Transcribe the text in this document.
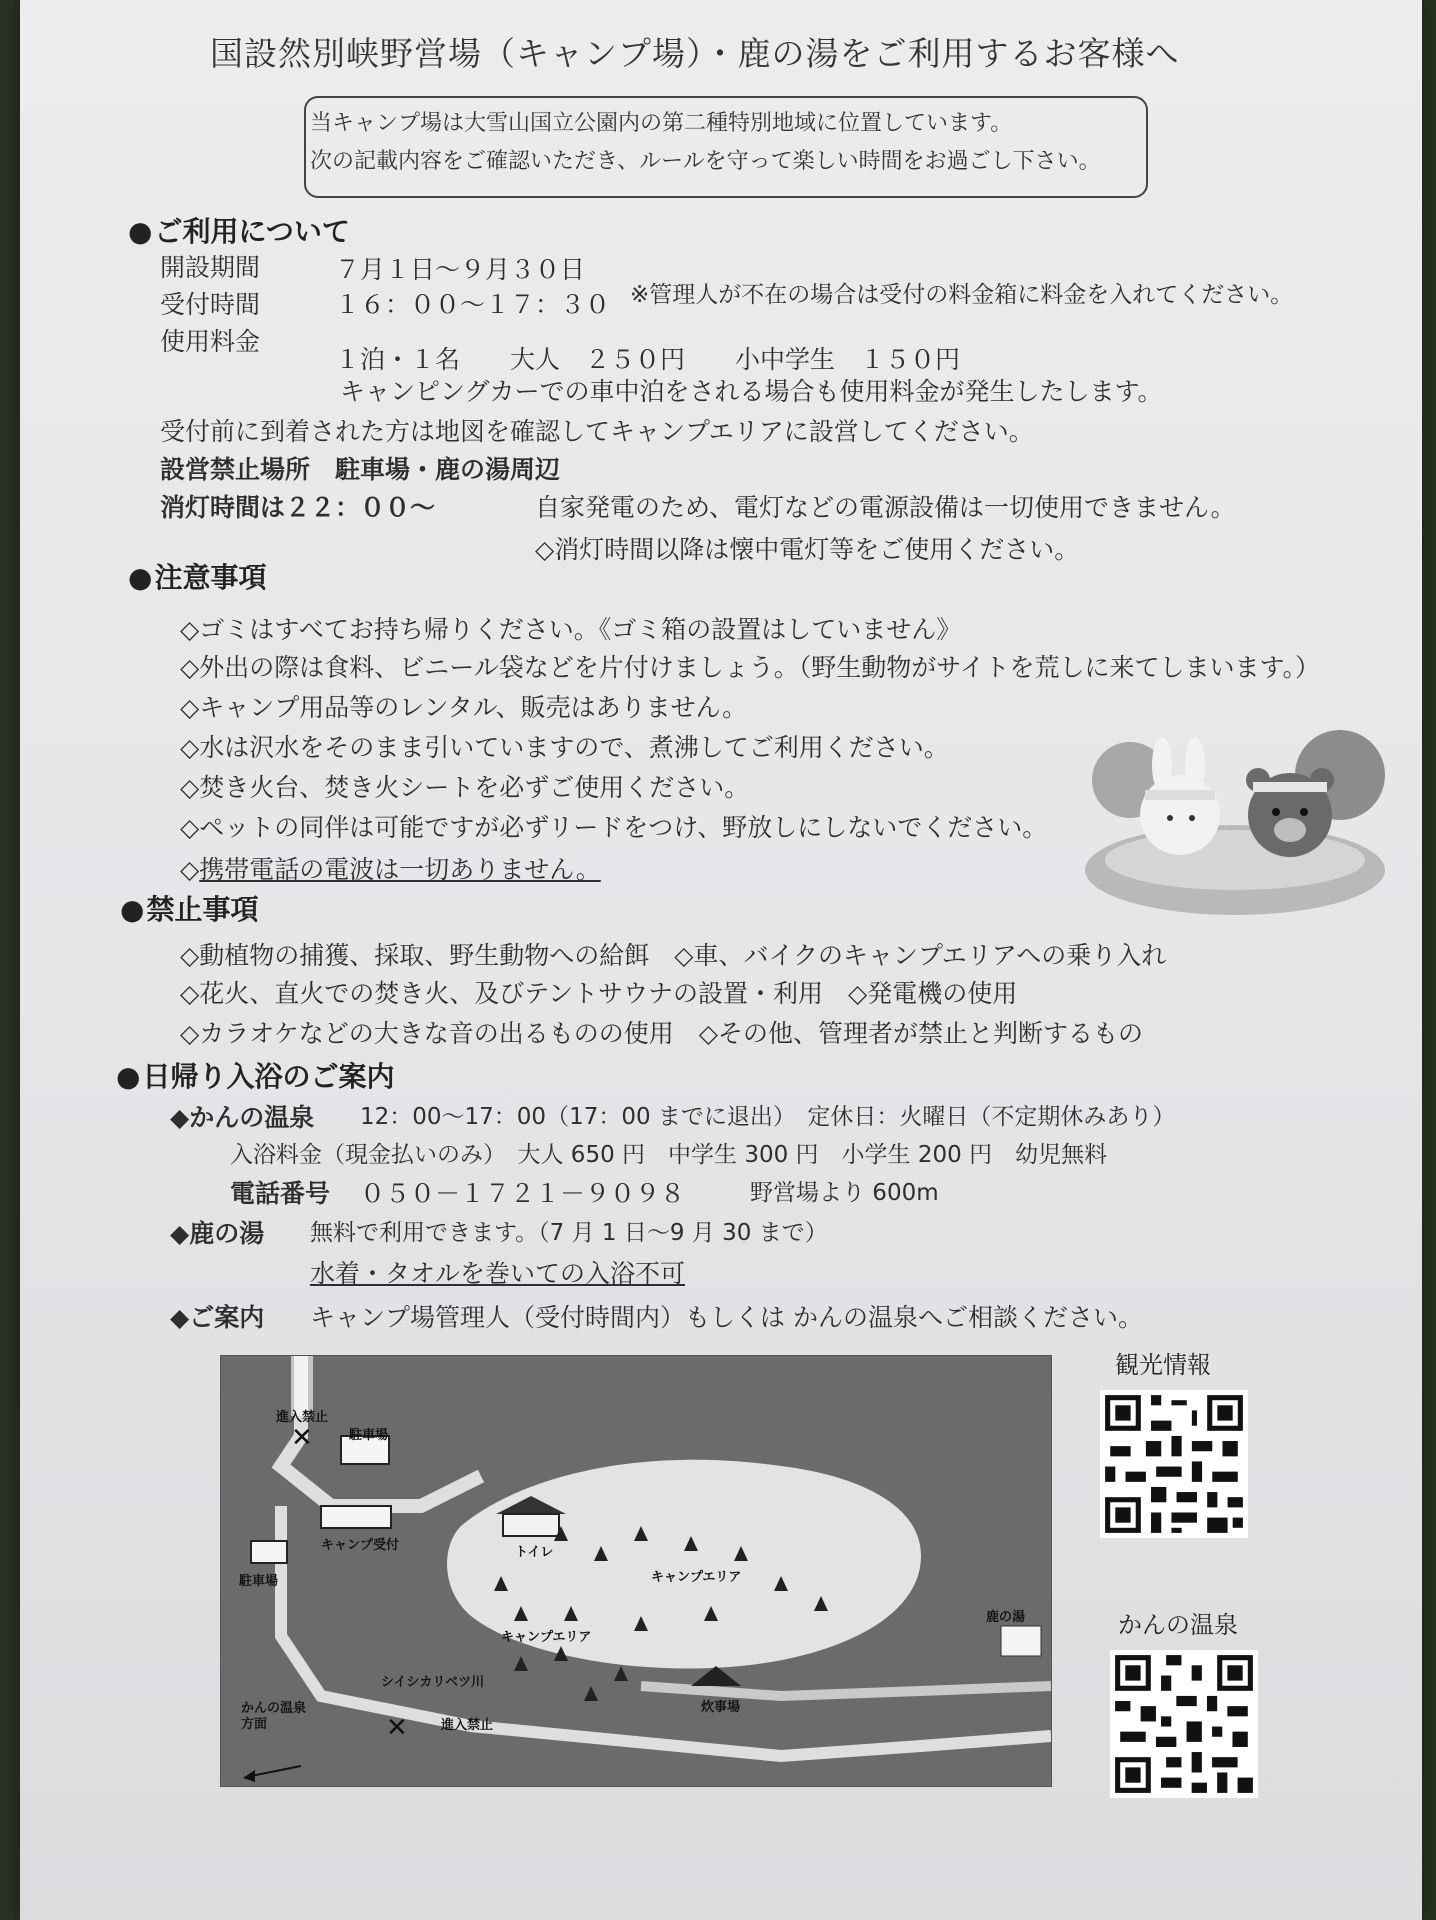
国設然別峡野営場（キャンプ場）・鹿の湯をご利用するお客様へ
当キャンプ場は大雪山国立公園内の第二種特別地域に位置しています。
次の記載内容をご確認いただき、ルールを守って楽しい時間をお過ごし下さい。
● ご利用について
開設期間	７月１日～９月３０日
受付時間	１６：００～１７：３０ ※管理人が不在の場合は受付の料金箱に料金を入れてください。
使用料金
１泊・１名　　大人　２５０円　　小中学生　１５０円
キャンピングカーでの車中泊をされる場合も使用料金が発生したします。
受付前に到着された方は地図を確認してキャンプエリアに設営してください。
設営禁止場所　駐車場・鹿の湯周辺
消灯時間は２２：００～	自家発電のため、電灯などの電源設備は一切使用できません。
◇消灯時間以降は懐中電灯等をご使用ください。
● 注意事項
◇ゴミはすべてお持ち帰りください。《ゴミ箱の設置はしていません》
◇外出の際は食料、ビニール袋などを片付けましょう。（野生動物がサイトを荒しに来てしまいます。）
◇キャンプ用品等のレンタル、販売はありません。
◇水は沢水をそのまま引いていますので、煮沸してご利用ください。
◇焚き火台、焚き火シートを必ずご使用ください。
◇ペットの同伴は可能ですが必ずリードをつけ、野放しにしないでください。
◇携帯電話の電波は一切ありません。
● 禁止事項
◇動植物の捕獲、採取、野生動物への給餌　◇車、バイクのキャンプエリアへの乗り入れ
◇花火、直火での焚き火、及びテントサウナの設置・利用　◇発電機の使用
◇カラオケなどの大きな音の出るものの使用　◇その他、管理者が禁止と判断するもの
● 日帰り入浴のご案内
◆かんの温泉 12：00～17：00（17：00 までに退出）　定休日：火曜日（不定期休みあり）
入浴料金（現金払いのみ）　大人 650 円　中学生 300 円　小学生 200 円　幼児無料
電話番号 ０５０－１７２１－９０９８	野営場より 600m
◆鹿の湯 無料で利用できます。（7 月 1 日～9 月 30 まで）
水着・タオルを巻いての入浴不可
◆ご案内 キャンプ場管理人（受付時間内）もしくは かんの温泉へご相談ください。
✕
✕
進入禁止
駐車場
トイレ
キャンプ受付
駐車場	キャンプエリア
キャンプエリア
鹿の湯
シイシカリベツ川
かんの温泉
方面	進入禁止
炊事場
観光情報
かんの温泉
